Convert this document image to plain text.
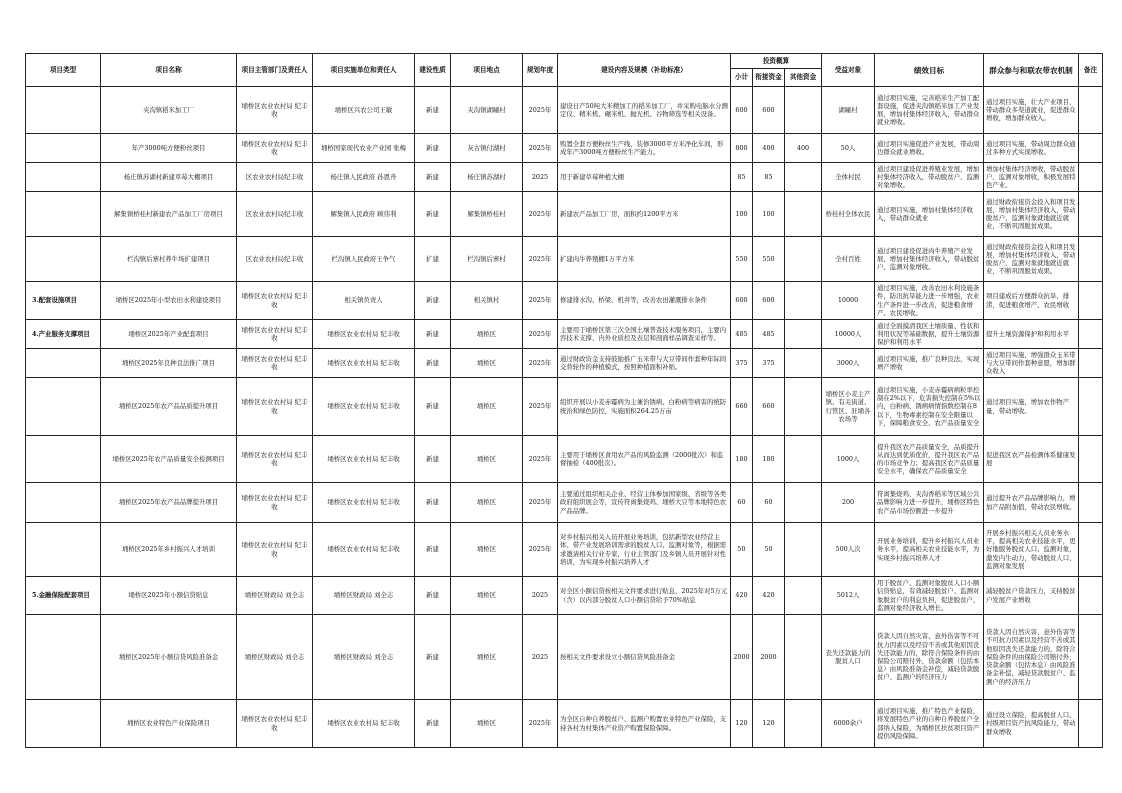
项目类型	项目名称	项目主管部门及责任人	项目实施单位和责任人	建设性质	项目地点	规划年度	建设内容及规模（补助标准）	投资概算			受益对象	绩效目标	群众参与和联农带农机制	备注
								小计	衔接资金	其他资金				
	夹沟镇稻米加工厂	埇桥区农业农村局 纪丰收	埇桥区兴农公司王敏	新建	夹沟镇湖曈村	2025年	建设日产50吨大米精加工的稻米加工厂，并采购电脑水分测定仪、精米机、碾米机、抛光机、谷物筛选等相关设备。	600	600		湖曈村	通过项目实施，完善稻米生产加工配套设施，促进夹沟镇稻米加工产业发展，增加村集体经济收入，带动群众就业增收。	通过项目实施，壮大产业项目，带动群众多渠道就业，促进群众增收，增加群众收入。	
	年产3000吨方便粉丝项目	埇桥区农业农村局 纪丰收	埇桥国家现代农业产业园 张梅	新建	灰古镇付湖村	2025年	购置全套方便粉丝生产线，装修3000平方米净化车间，形成年产3000吨方便粉丝生产能力。	800	400	400	50人	通过项目实施促进产业发展，带动周边群众就业增收。	通过项目实施，带动周边群众通过多种方式实现增收。	
	杨庄镇苏湖村新建草莓大棚项目	区农业农村局纪丰收	杨庄镇人民政府 孙恩舟	新建	杨庄镇苏湖村	2025	用于新建草莓种植大棚	85	85		全体村民	通过项目建设促进养殖业发展，增加村集体经济收入，带动脱贫户、监测对象增收。	增加村集体经济增收，带动脱贫户、监测对象增收，积极发展特色产业。	
	解集镇桥桂村新建农产品加工厂房项目	区农业农村局纪丰收	解集镇人民政府 顾伟利	新建	解集镇桥桂村	2025年	新建农产品加工厂房，面积约1200平方米	100	100		桥桂村全体农民	通过项目实施，增加村集体经济收入，带动群众就业	通过财政衔接资金投入和项目发展，增加村集体经济收入，带动脱贫户、监测对象就地就近就业，不断巩固脱贫成果。	
	栏沟镇后寨村养牛场扩建项目	区农业农村局纪丰收	栏沟镇人民政府王争气	扩建	栏沟镇后寨村	2025年	扩建肉牛养殖棚1万平方米	550	550		全村百姓	通过项目建设促进肉牛养殖产业发展，增加村集体经济收入，带动脱贫户、监测对象增收。	通过财政衔接资金投入和项目发展，增加村集体经济收入，带动脱贫户、监测对象就地就近就业，不断巩固脱贫成果。	
3.配套设施项目	埇桥区2025年小型农田水利建设项目	埇桥区农业农村局 纪丰收	相关镇负责人	新建	相关镇村	2025年	修建排水沟、桥梁、机井等，改善农田灌溉排水条件	600	600		10000	通过项目实施，改善农田水利设施条件，防汛抗旱能力进一步增强，农业生产条件进一步改善，促进粮食增产、农民增收。	项目建成后方便群众抗旱、排涝，促进粮食增产、农民增收	
4.产业服务支撑项目	埇桥区2025年产业配套项目	埇桥区农业农村局 纪丰收	埇桥区农业农村局 纪丰收	新建	埇桥区	2025年	主要用于埇桥区第三次全国土壤普查技术服务项目，主要内容技术支撑、内外业质控及表层和剖面样品调查采样等。	485	485		10000人	通过全面摸清我区土壤质量、性状和利用状况等基础数据，提升土壤资源保护和利用水平	提升土壤资源保护和利用水平	
	埇桥区2025年良种良法推广项目	埇桥区农业农村局 纪丰收	埇桥区农业农村局 纪丰收	新建	埇桥区	2025年	通过财政资金支持鼓励推广玉米带与大豆带间作套种年际间交替轮作的种植模式，按照种植面积补贴。	375	375		3000人	通过项目实施，推广良种良法，实现增产增收	通过项目实施，增强群众玉米带与大豆带间作套种意愿，增加群众收入	
	埇桥区2025年农产品品质提升项目	埇桥区农业农村局 纪丰收	埇桥区农业农村局 纪丰收	新建	埇桥区	2025年	组织开展以小麦赤霉病为主兼治锈病、白粉病等病害的统防统治和绿色防控，实施面积264.25万亩	660	660		埇桥区小麦主产镇、有关街道、行管区、驻埇各农场等	通过项目实施，小麦赤霉病病粒率控制在2%以下，危害损失控制在5%以内，白粉病、锈病病情指数控制在8以下，生物毒素控制在安全限量以下，保障粮食安全、农产品质量安全	通过项目实施，增加农作物产量，带动增收。	
	埇桥区2025年农产品质量安全检测项目	埇桥区农业农村局 纪丰收	埇桥区农业农村局 纪丰收	新建	埇桥区	2025年	主要用于埇桥区食用农产品的风险监测（2000批次）和监督抽检（400批次）。	180	180		1000人	提升我区农产品质量安全，品质提升从而达到优质优价，提升我区农产品的市场竞争力；提高我区农产品质量安全水平，确保农产品质量安全	促进我区农产品检测体系健康发展	
	埇桥区2025年农产品品牌提升项目	埇桥区农业农村局 纪丰收	埇桥区农业农村局 纪丰收	新建	埇桥区	2025年	主要通过组织相关企业、经营主体参加国家级、省级等各类政府组织展会等，宣传符离集烧鸡、埇桥大豆等本地特色农产品品牌。	60	60		200	符离集烧鸡、夹沟香稻米等区域公共品牌影响力进一步提升，埇桥区特色农产品市场份额进一步提升	通过提升农产品品牌影响力，增加产品附加值，带动农民增收。	
	埇桥区2025年乡村振兴人才培训	埇桥区农业农村局 纪丰收	埇桥区农业农村局 纪丰收	新建	埇桥区	2025年	对乡村振兴相关人员开展业务培训，包括新型农业经营主体、带产业发展培训需求的脱贫人口、监测对象等，根据需求邀请相关行业专家，行业主管部门及乡镇人员开展针对性培训，为实现乡村振兴培养人才	50	50		500人次	开展业务培训，提升乡村振兴人员业务水平，提高相关农业技能水平，为实现乡村振兴培养人才	开展乡村振兴相关人员业务水平，提高相关农业技能水平，更好地服务脱贫人口、监测对象，激发内生动力，带动脱贫人口、监测对象发展	
5.金融保险配套项目	埇桥区2025年小额信贷贴息	埇桥区财政局 刘全志	埇桥区财政局 刘全志	新建	埇桥区	2025	对全区小额信贷按相关文件要求进行贴息，2025年对5万元（含）以内部分脱贫人口小额信贷给予70%贴息	420	420		5012人	用于脱贫户、监测对象脱贫人口小额信贷贴息，有效减轻脱贫户、监测对象脱贫户的利息负担，促进脱贫户、监测对象经济收入增长。	减轻脱贫户贷款压力，支持脱贫户发展产业增收	
	埇桥区2025年小额信贷风险准备金	埇桥区财政局 刘全志	埇桥区财政局 刘全志	新建	埇桥区	2025	按相关文件要求设立小额信贷风险准备金	2000	2000		丧失还款能力的脱贫人口	贷款人因自然灾害、意外伤害等不可抗力因素以及经营不善或其他原因丧失还款能力的，除符合保险条件的由保险公司赔付外，贷款余额（包括本息）由风险准备金补偿，减轻贷款脱贫户、监测户的经济压力	贷款人因自然灾害、意外伤害等不可抗力因素以及经营不善或其他原因丧失还款能力的，除符合保险条件的由保险公司赔付外，贷款余额（包括本息）由风险准备金补偿，减轻贷款脱贫户、监测户的经济压力	
	埇桥区农业特色产业保险项目	埇桥区农业农村局 纪丰收	埇桥区农业农村局 纪丰收	新建	埇桥区	2025年	为全区自种自养脱贫户、监测户购置农业特色产业保险，支持各村为村集体产业资产购置保险保障。	120	120		6000余户	通过项目实施，推广特色产业保险，将发展特色产业的自种自养脱贫户全部纳入保险，为埇桥区扶贫项目资产提供风险保障。	通过设立保险，提高脱贫人口、村级项目资产抗风险能力，带动群众增收	
